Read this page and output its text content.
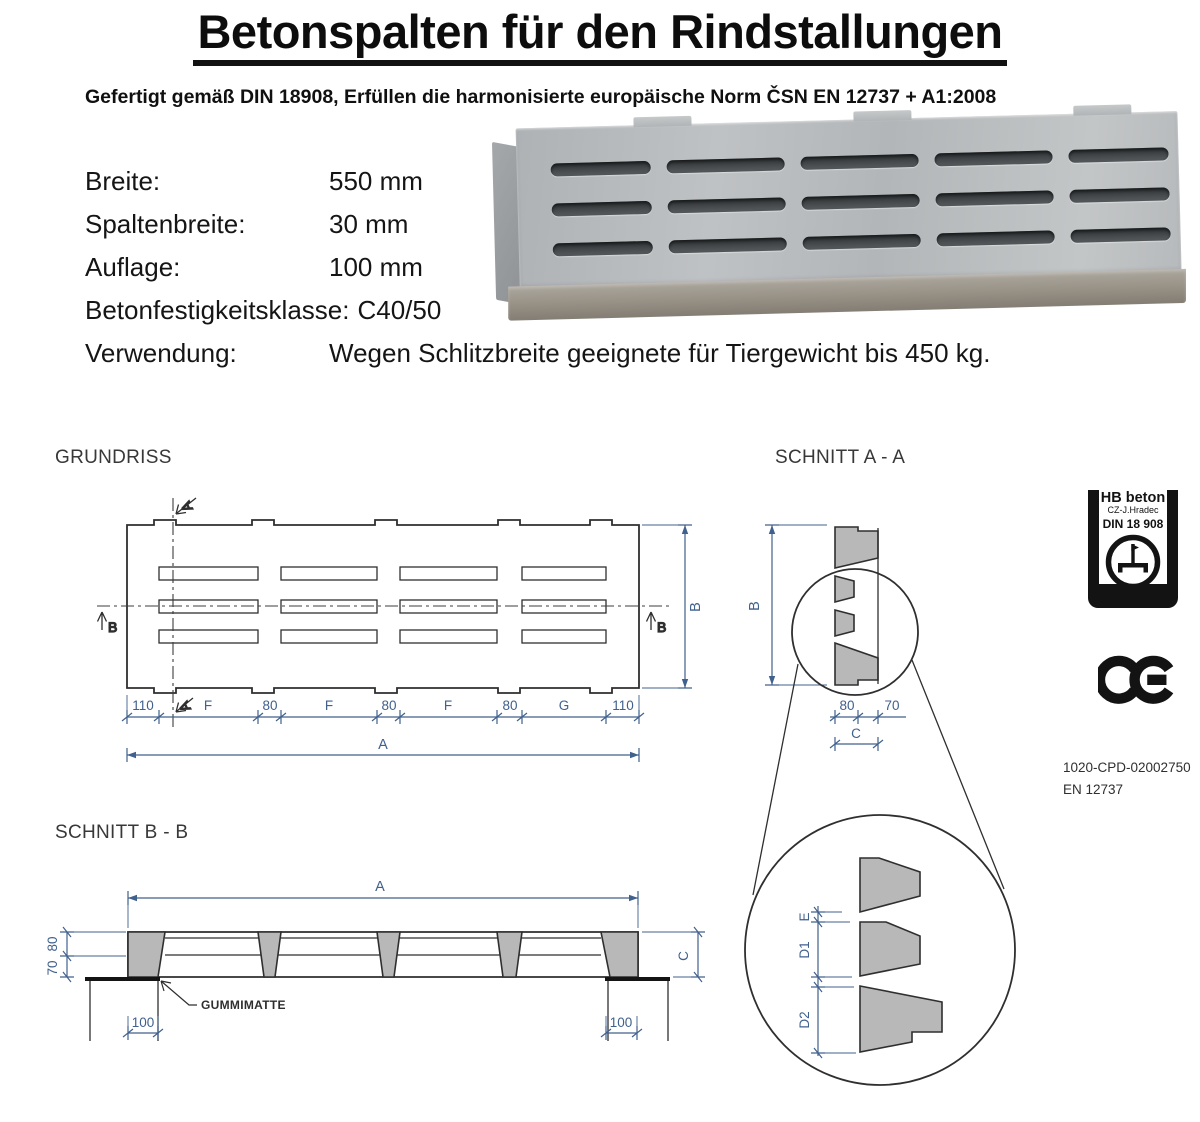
Betonspalten für den Rindstallungen
Gefertigt gemäß DIN 18908, Erfüllen die harmonisierte europäische Norm ČSN EN 12737 + A1:2008
Breite:	550 mm
Spaltenbreite:	30 mm
Auflage:	100 mm
Betonfestigkeitsklasse: C40/50
Verwendung:	Wegen Schlitzbreite geeignete für Tiergewicht bis 450 kg.
GRUNDRISS
A
A
B	B
110	F	80	F	80	F	80	G	110
A
B
SCHNITT A - A
B
80 70
C
E
D1
D2
SCHNITT B - B
A
GUMMIMATTE
100	100
80
70
C
HB beton
CZ-J.Hradec
DIN 18 908
1020-CPD-02002750
EN 12737
